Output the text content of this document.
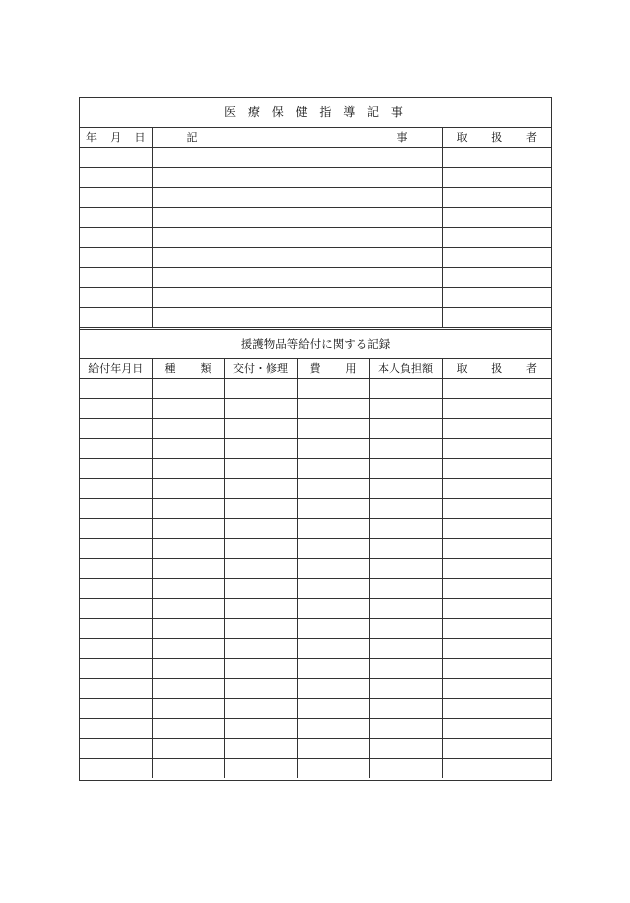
医 療 保 健 指 導 記 事
年 月 日	記 事	取 扱 者

援護物品等給付に関する記録
給付年月日	種 類	交付・修理	費 用	本人負担額	取 扱 者
